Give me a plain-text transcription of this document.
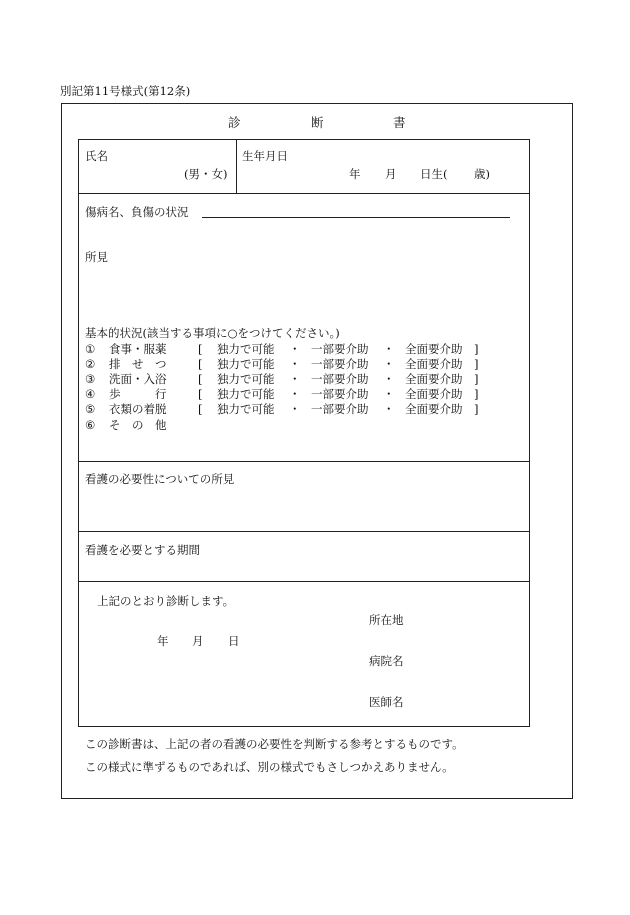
別記第11号様式(第12条)
診	断	書
氏名
(男・女)
生年月日
年 月 日生( 歳)
傷病名、負傷の状況
所見
基本的状況(該当する事項に○をつけてください。)
① 食事・服薬	[ 独力で可能 ・ 一部要介助 ・ 全面要介助 ]
② 排　せ　つ	[ 独力で可能 ・ 一部要介助 ・ 全面要介助 ]
③ 洗面・入浴	[ 独力で可能 ・ 一部要介助 ・ 全面要介助 ]
④ 歩　　　行	[ 独力で可能 ・ 一部要介助 ・ 全面要介助 ]
⑤ 衣類の着脱	[ 独力で可能 ・ 一部要介助 ・ 全面要介助 ]
⑥ そ　の　他
看護の必要性についての所見
看護を必要とする期間
上記のとおり診断します。
所在地
年 月 日
病院名
医師名
この診断書は、上記の者の看護の必要性を判断する参考とするものです。
この様式に準ずるものであれば、別の様式でもさしつかえありません。
